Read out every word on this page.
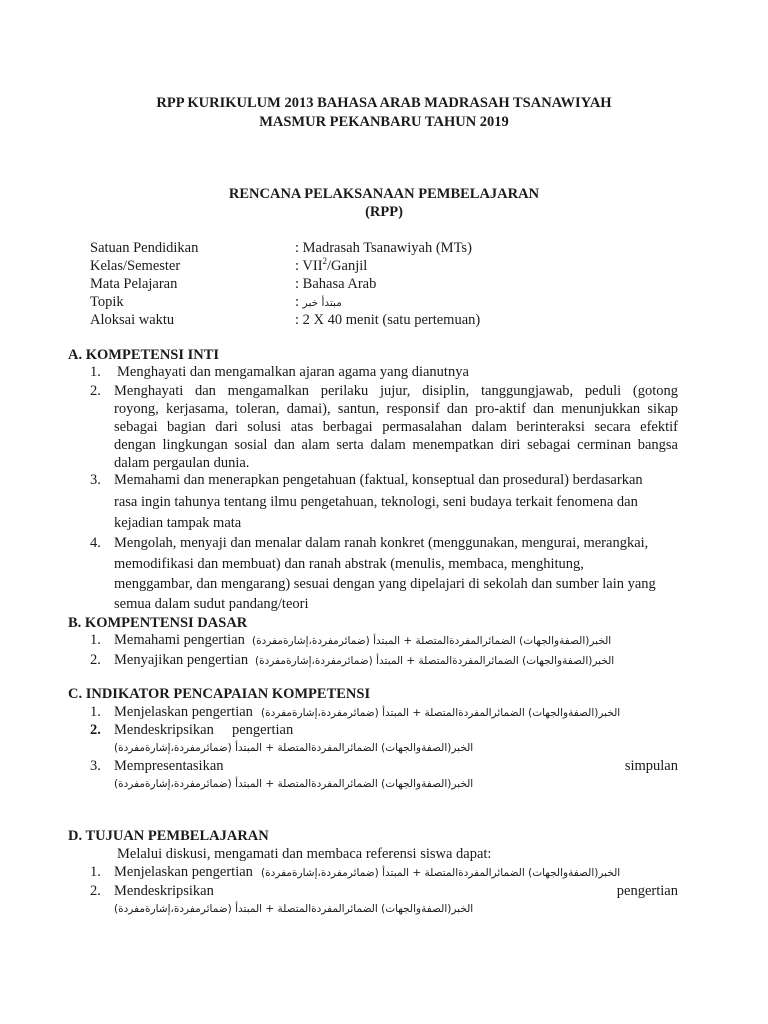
RPP KURIKULUM 2013 BAHASA ARAB MADRASAH TSANAWIYAH
MASMUR PEKANBARU TAHUN 2019
RENCANA PELAKSANAAN PEMBELAJARAN
(RPP)
Satuan Pendidikan	: Madrasah Tsanawiyah (MTs)
Kelas/Semester	: VII$^2$/Ganjil
Mata Pelajaran	: Bahasa Arab
Topik	: مبتدأ خبر
Aloksai waktu	: 2 X 40 menit (satu pertemuan)
A. KOMPETENSI INTI
1. Menghayati dan mengamalkan ajaran agama yang dianutnya
2. Menghayati dan mengamalkan perilaku jujur, disiplin, tanggungjawab, peduli (gotong
royong, kerjasama, toleran, damai), santun, responsif dan pro-aktif dan menunjukkan sikap
sebagai bagian dari solusi atas berbagai permasalahan dalam berinteraksi secara efektif
dengan lingkungan sosial dan alam serta dalam menempatkan diri sebagai cerminan bangsa
dalam pergaulan dunia.
3. Memahami dan menerapkan pengetahuan (faktual, konseptual dan prosedural) berdasarkan
rasa ingin tahunya tentang ilmu pengetahuan, teknologi, seni budaya terkait fenomena dan
kejadian tampak mata
4. Mengolah, menyaji dan menalar dalam ranah konkret (menggunakan, mengurai, merangkai,
memodifikasi dan membuat) dan ranah abstrak (menulis, membaca, menghitung,
menggambar, dan mengarang) sesuai dengan yang dipelajari di sekolah dan sumber lain yang
semua dalam sudut pandang/teori
B. KOMPENTENSI DASAR
1. Memahami pengertian الخبر(الصفةوالجهات) الضمائرالمفردةالمتصلة + المبتدأ (ضمائرمفردة،إشارةمفردة)
2. Menyajikan pengertian الخبر(الصفةوالجهات) الضمائرالمفردةالمتصلة + المبتدأ (ضمائرمفردة،إشارةمفردة)
C. INDIKATOR PENCAPAIAN KOMPETENSI
1. Menjelaskan pengertian الخبر(الصفةوالجهات) الضمائرالمفردةالمتصلة + المبتدأ (ضمائرمفردة،إشارةمفردة)
2. Mendeskripsikan     pengertian
الخبر(الصفةوالجهات) الضمائرالمفردةالمتصلة + المبتدأ (ضمائرمفردة،إشارةمفردة)
3. Mempresentasikan	simpulan
الخبر(الصفةوالجهات) الضمائرالمفردةالمتصلة + المبتدأ (ضمائرمفردة،إشارةمفردة)
D. TUJUAN PEMBELAJARAN
Melalui diskusi, mengamati dan membaca referensi siswa dapat:
1. Menjelaskan pengertian الخبر(الصفةوالجهات) الضمائرالمفردةالمتصلة + المبتدأ (ضمائرمفردة،إشارةمفردة)
2. Mendeskripsikan	pengertian
الخبر(الصفةوالجهات) الضمائرالمفردةالمتصلة + المبتدأ (ضمائرمفردة،إشارةمفردة)
